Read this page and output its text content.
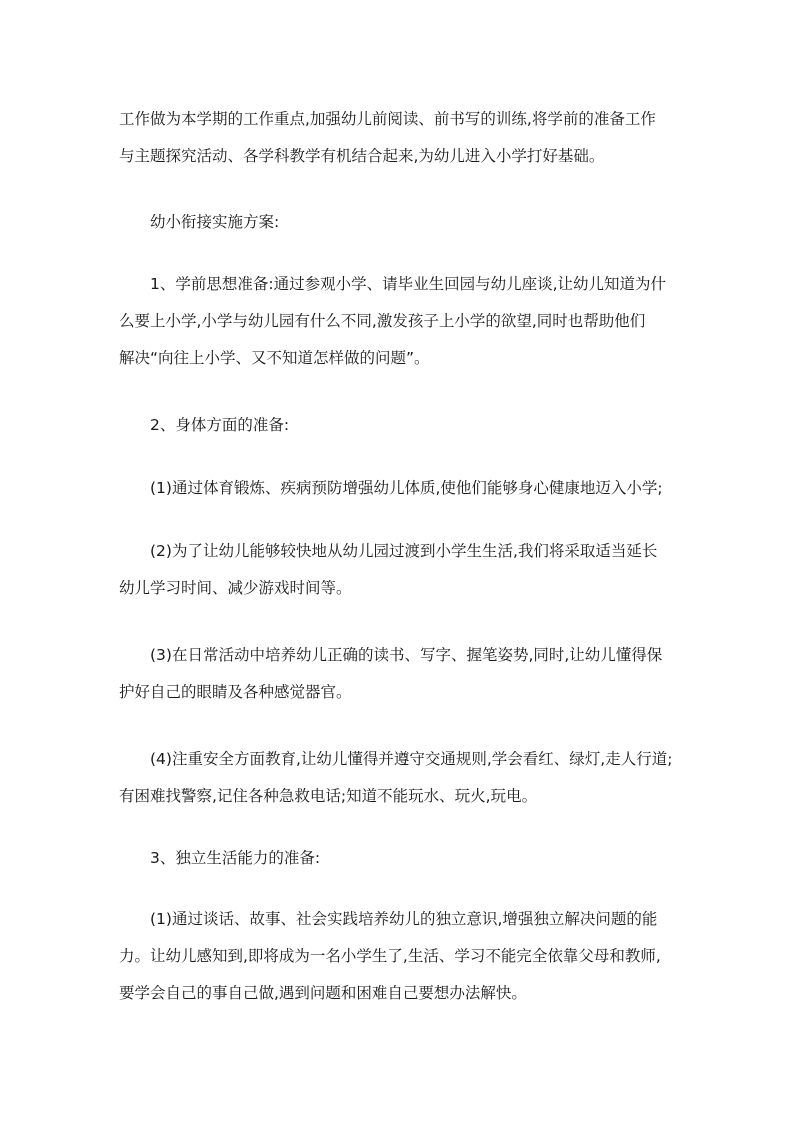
工作做为本学期的工作重点,加强幼儿前阅读、前书写的训练,将学前的准备工作
与主题探究活动、各学科教学有机结合起来,为幼儿进入小学打好基础。

幼小衔接实施方案:

1、学前思想准备:通过参观小学、请毕业生回园与幼儿座谈,让幼儿知道为什
么要上小学,小学与幼儿园有什么不同,激发孩子上小学的欲望,同时也帮助他们
解决“向往上小学、又不知道怎样做的问题”。

2、身体方面的准备:

(1)通过体育锻炼、疾病预防增强幼儿体质,使他们能够身心健康地迈入小学;

(2)为了让幼儿能够较快地从幼儿园过渡到小学生生活,我们将采取适当延长
幼儿学习时间、减少游戏时间等。

(3)在日常活动中培养幼儿正确的读书、写字、握笔姿势,同时,让幼儿懂得保
护好自己的眼睛及各种感觉器官。

(4)注重安全方面教育,让幼儿懂得并遵守交通规则,学会看红、绿灯,走人行道;
有困难找警察,记住各种急救电话;知道不能玩水、玩火,玩电。

3、独立生活能力的准备:

(1)通过谈话、故事、社会实践培养幼儿的独立意识,增强独立解决问题的能
力。让幼儿感知到,即将成为一名小学生了,生活、学习不能完全依靠父母和教师,
要学会自己的事自己做,遇到问题和困难自己要想办法解快。
